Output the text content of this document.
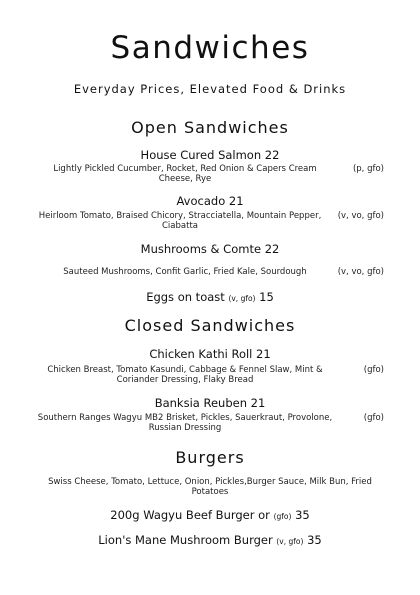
Sandwiches
Everyday Prices, Elevated Food & Drinks
Open Sandwiches
House Cured Salmon 22
Lightly Pickled Cucumber, Rocket, Red Onion & Capers Cream Cheese, Rye
(p, gfo)
Avocado 21
Heirloom Tomato, Braised Chicory, Stracciatella, Mountain Pepper, Ciabatta
(v, vo, gfo)
Mushrooms & Comte 22
Sauteed Mushrooms, Confit Garlic, Fried Kale, Sourdough	(v, vo, gfo)
Eggs on toast (v, gfo) 15
Closed Sandwiches
Chicken Kathi Roll 21
Chicken Breast, Tomato Kasundi, Cabbage & Fennel Slaw, Mint & Coriander Dressing, Flaky Bread
(gfo)
Banksia Reuben 21
Southern Ranges Wagyu MB2 Brisket, Pickles, Sauerkraut, Provolone, Russian Dressing
(gfo)
Burgers
Swiss Cheese, Tomato, Lettuce, Onion, Pickles,Burger Sauce, Milk Bun, Fried Potatoes
200g Wagyu Beef Burger or (gfo) 35
Lion's Mane Mushroom Burger (v, gfo) 35
